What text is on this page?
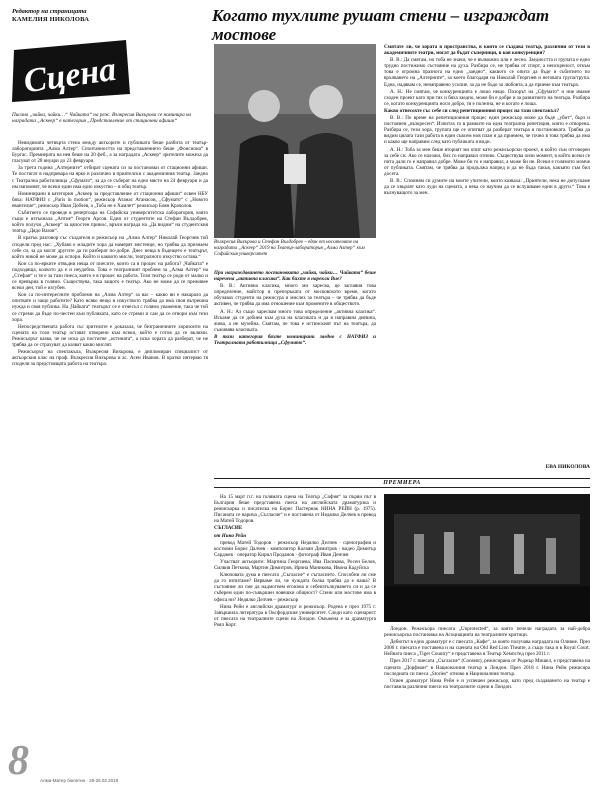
Редактор на страницата
КАМЕЛИЯ НИКОЛОВА
Сцена
Когато тухлите рушат стени – изграждат мостове
Писана „чайка, чайки…“ Чайката“ на реж. Възкресия Вихърова се номинира на наградата „Аскеер“ в категория „Представление от стационни афиши“

Невидимата четвърта стена между актьорите и публиката беше разбита от театър-лабораторията „Алма Алтер“. Спонтанността на представлението беше „Фонсиона“ в Бургас. Премиерата на нея беше на 20 феб., а за наградата „Аскеер“ зрителите можеха да гласуват от 28 януари до 23 февруари.

За трета година „Алтерните“ отбират сцената си за постановки от стационни афиши. Те постигат в надпревара на ярко и различно в приятелски с академичния театър. Заедно с Театрална работилница „Сфумато“, за да се съберат на едно място на 24 февруари и да им напомнят, че всеки един има едно изкуство – в общ театър.

Номинирани в категория „Аскеер за представление от стационни афиши“ освен НБУ бяха: НАТФИЗ с „Paris in motion“, режисьор Атанас Атанасов, „Сфумато“ с „Новото евангелие“, режисьор Иван Добчев, а „Тоба не е Хамлет“ режисьор Боян Крачолов.

Събитието се проведе в репертоара на Софийска университетска лаборатория, която също е изтъкнала „Аптие“ Георги Арсов. Един от студентите на Стефан Вълдобрев, който получи „Аскеер“ за цялостен принос, връчи награда на „Да видим“ на студентския театър „Дядо Вазов“.

В кратък разговор със създателя и режисьор на „Алма Алтер“ Николай Георгиев той сподели пред нас: „Хубаво е младите хора да намерят местенце, но трябва да признаем себе си, за да могат другите да ги разберат по-добре. Днес неща в бъдещето е театърът, който никой не може да оспори. Който и каквото мисли, театралното изкуство остава.“

Кои са по-ярките отвъдни неща от пиесите, които са в процес на работа? „Чайката“ е подходяща, колкото да е и неудобна. Това е театралният проблем за „Алма Алтер“ на „Стефан“ и тя е за тази пиеса, която е в процес на работа. Този театър се роди от малко и се превърна в голямо. Съществува, така защото е театър. Ако не може да се преживее всеки ден, той е изгубен.

Кои са по-интересните проблеми на „Алма Алтер“ за вас – какво ви е накарало да опитвате и защо работите? Като всяко нещо в изкуството трябва да има своя вътрешна нужда и своя публика. На „Чайката“ театърът се е отнесъл с голямо уважение, така че той се стреми да бъде по-честен към публиката, като се стреми и сам да се отвори към тези хора.

Непосредствената работа със зрителите е доказала, че безграничните хоризонти на сцената на този театър остават отворени към всеки, който е готов да се включи. Режисьорът казва, че не иска да постигне „истината“, а иска хората да разберат, че не трябва да се страхуват да казват какво мислят.

Режисьорът на спектакъла, Възкресия Вихърова, е дипломиран специалист от актьорския клас на проф. Възкресия Вихърова и ас. Асен Иванов. В кратко интервю тя сподели за предстоящата работа на театъра.

Възкресия Вихърова и Стефан Вълдобрев – един от носителите на наградата „Аскеер“ 2019 на Театър-лаборатория „Алма Алтер“ към Софийския университет

При награждаването постановката „чайка, чайки… Чайката“ беше наречена „активна класика“. Как бихте я нарекли Вие?

В. В.: Активна класика, много ми харесва, це заглавия това определение, майстор в препоръката от московското време, когато обучавах студенти на режисура и мислех за театъра – че трябва да бъде активен, че трябва да има отношение към промените в обществото.

А. Н.: Аз също харесвам много това определение „активна класика“. Искаме да се добием към духа на класиката и да я направим днешна, жива, а не музейна. Смятам, че това е истинският път на театъра, да съживява класиката.

В тази категория бяхте номинирани заедно с НАТФИЗ и Театралната работилница „Сфумато“.

Смятате ли, че хората в пространства, в които се създава театър, различни от тези в академичните театри, могат да бъдат съперници, в коя конкуренция?

В. В.: Да смятам, но тоба не значи, че е възможно или е лесно. Заедността и групата е едно трудно постижимо състояние на духа. Разбира се, не трябва от спорт, а неискреност, откъм това е огромна празнота на едно „заедно“, каквото се опита да бъде и събитието по връчването на „Алтерните“, за което благодаря на Николай Георгиев и неговата група/трупа. Една, надявам се, ненаправено усилие, за да не бъде за любовта, а да приеме към театъра.

А. Н.: Не смятам, че конкуренцията е лошо нещо. Позорът на „Сфумато“ и ние имаме сходен проект като при тях и бяха заедно, може би е добре и за развитието на театъра. Разбира се, когато конкуренцията носи добро, тя е полезна, не и когато е лоша.

Какво отнесохте със себе си след репетиционния процес на тази спектакъл?

В. В.: По време на репетиционния процес един режисьор може да бъде „убит“, бърз и постоянен „възкресен“. Изпитах го в рамките на една театрална репетиция, която е отворена. Разбира се, тези хора, групата ще се опитват да разберат театъра и постановката. Трябва да видим цялата тази работа в един съвсем нов план и да приемем, че точно в това трябва да има и какво ще направим след като публиката я види.

А. Н.: Тоба за мен беше вторият ми опит като режисьорски проект, в който съм отговорен за себе си. Ако се наложи, бих го направил отново. Съществува онзи момент, в който всеки се пита дали го е направил добре. Може би го е направил, а може би не. Всеки е голямото момче от публиката. Смятам, че трябва да продължа напред и да не бъда такъв, какъвто съм бил досега.

В. В.: Спомням си думите на моите учители, които казваха: „Приятели, нека не допускаме да се хвърлят като луди на сцената, а нека се научим да се вслушваме едни в други.“ Това е вълнуващото за мен.

ЕВА НИКОЛОВА
ПРЕМИЕРА

На 15 март п.г. на голямата сцена на Театър „София“ за първи път в България беше представена пиеса на английската драматурзка и режисьорка и писателка на Борис Пастернак НИНА РЕЙН (р. 1975). Писаната се нарича „Съгласие“ и е поставена от Недялко Делчев в превод на Матей Тодоров.

СЪГЛАСИЕ

от Нина Рейн

превод Матей Тодоров · режисьор Недялко Делчев · сценография и костюми Борис Далчев · композитор Калоян Димитров · видео Димитър Сарджев · оператор Кирил Проданов · фотограф Иван Денчев

Участват актьорите: Мартина Георгиева, Ива Пасикова, Росен Белов, Силвия Петкова, Мартин Димитров, Ирина Маникова, Ивона Кадуйска

Ключовата дума в пиесата „Съгласие“ е съгласието. Способни ли сме да го изпитаме? Вярваме ли, че чуждата болка трябва да е наша? В състояние ли сме да надмогнем егоизма и себеизтълкуването си и да се съберем един по-съвършен човешки общност? Стени или мостове има в офиса ни? Недялко Делчев – режисьор

Нина Рейн е английски драматург и режисьор. Родена е през 1975 г. Завършила литература в Оксфордския университет. Следи като сценарист от пиесата на театралните сцени на Лондон. Омъжена е за драматурга Роял Корт.

Лондон. Режисьора пиесата „Unprotected“, за която печели наградата за най-добра режисьорска постановка на Асоциацията на театралните критици.

Дебютът в едно драматург е с пиесата „Кафе“, за която получава наградата на Оливие. През 2006 г. пиесата е поставена и на сцената на Old Red Lion Theatre, а също така и в Royal Court. Нейната пиеса „Tiger Country“ е представена в Театър Хемпстед през 2011 г.

През 2017 г. пиесата „Съгласие“ (Consent), режисирана от Роджър Мишел, е представена на сцената „Дорфман“ в Националния театър в Лондон. През 2018 г. Нина Рейн режисира последната си пиеса „Stories“ отново в Националния театър.

Освен драматург Нина Рейн е и успешен режисьор, като пред създаването на театър е поставила различни пиеси на театралните сцени в Лондон.

8 Алма-Матер бюлетин · 28-26.02.2019
